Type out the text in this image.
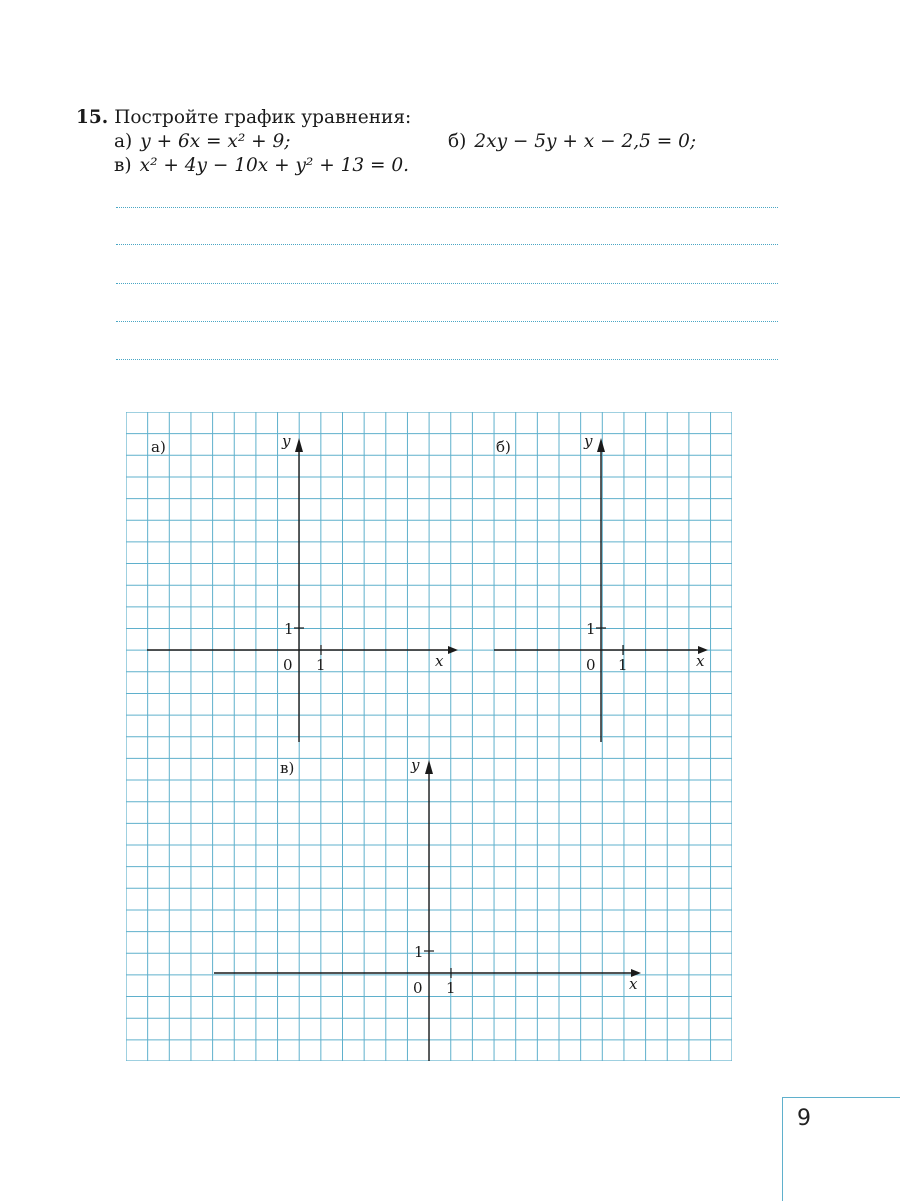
15. Постройте график уравнения:
а) y + 6x = x² + 9;	б) 2xy − 5y + x − 2,5 = 0;
в) x² + 4y − 10x + y² + 13 = 0.
а)	y
x
0 1
1
б)	y
x
0 1
1
в)	y
x
0 1
1
9
